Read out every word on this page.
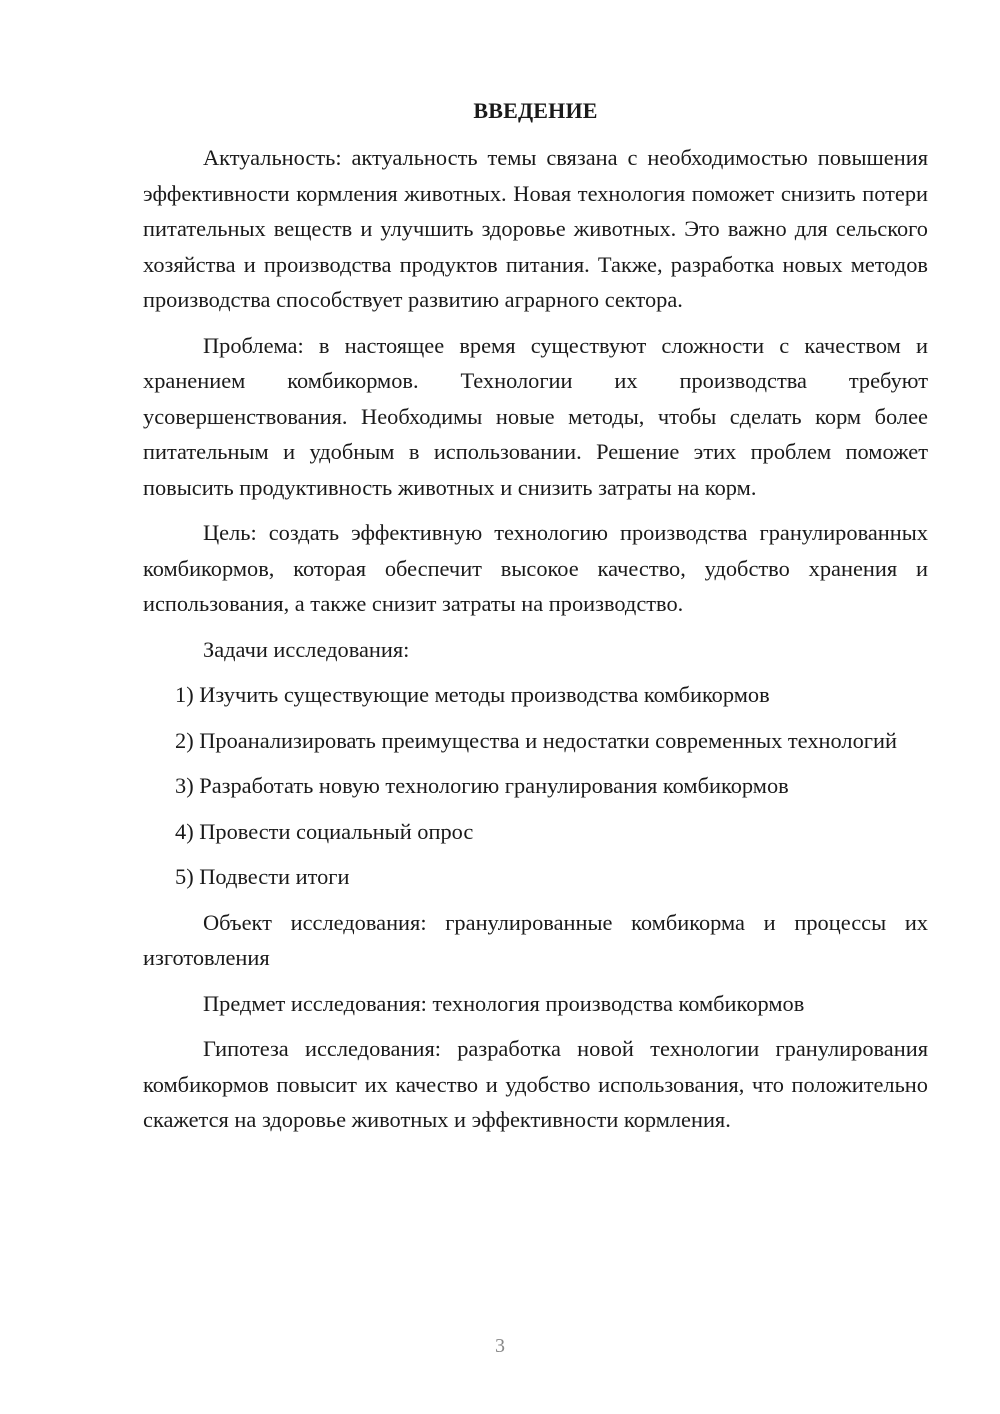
ВВЕДЕНИЕ

Актуальность: актуальность темы связана с необходимостью повышения эффективности кормления животных. Новая технология поможет снизить потери питательных веществ и улучшить здоровье животных. Это важно для сельского хозяйства и производства продуктов питания. Также, разработка новых методов производства способствует развитию аграрного сектора.

Проблема: в настоящее время существуют сложности с качеством и хранением комбикормов. Технологии их производства требуют усовершенствования. Необходимы новые методы, чтобы сделать корм более питательным и удобным в использовании. Решение этих проблем поможет повысить продуктивность животных и снизить затраты на корм.

Цель: создать эффективную технологию производства гранулированных комбикормов, которая обеспечит высокое качество, удобство хранения и использования, а также снизит затраты на производство.

Задачи исследования:

1) Изучить существующие методы производства комбикормов

2) Проанализировать преимущества и недостатки современных технологий

3) Разработать новую технологию гранулирования комбикормов

4) Провести социальный опрос

5) Подвести итоги

Объект исследования: гранулированные комбикорма и процессы их изготовления

Предмет исследования: технология производства комбикормов

Гипотеза исследования: разработка новой технологии гранулирования комбикормов повысит их качество и удобство использования, что положительно скажется на здоровье животных и эффективности кормления.

3
